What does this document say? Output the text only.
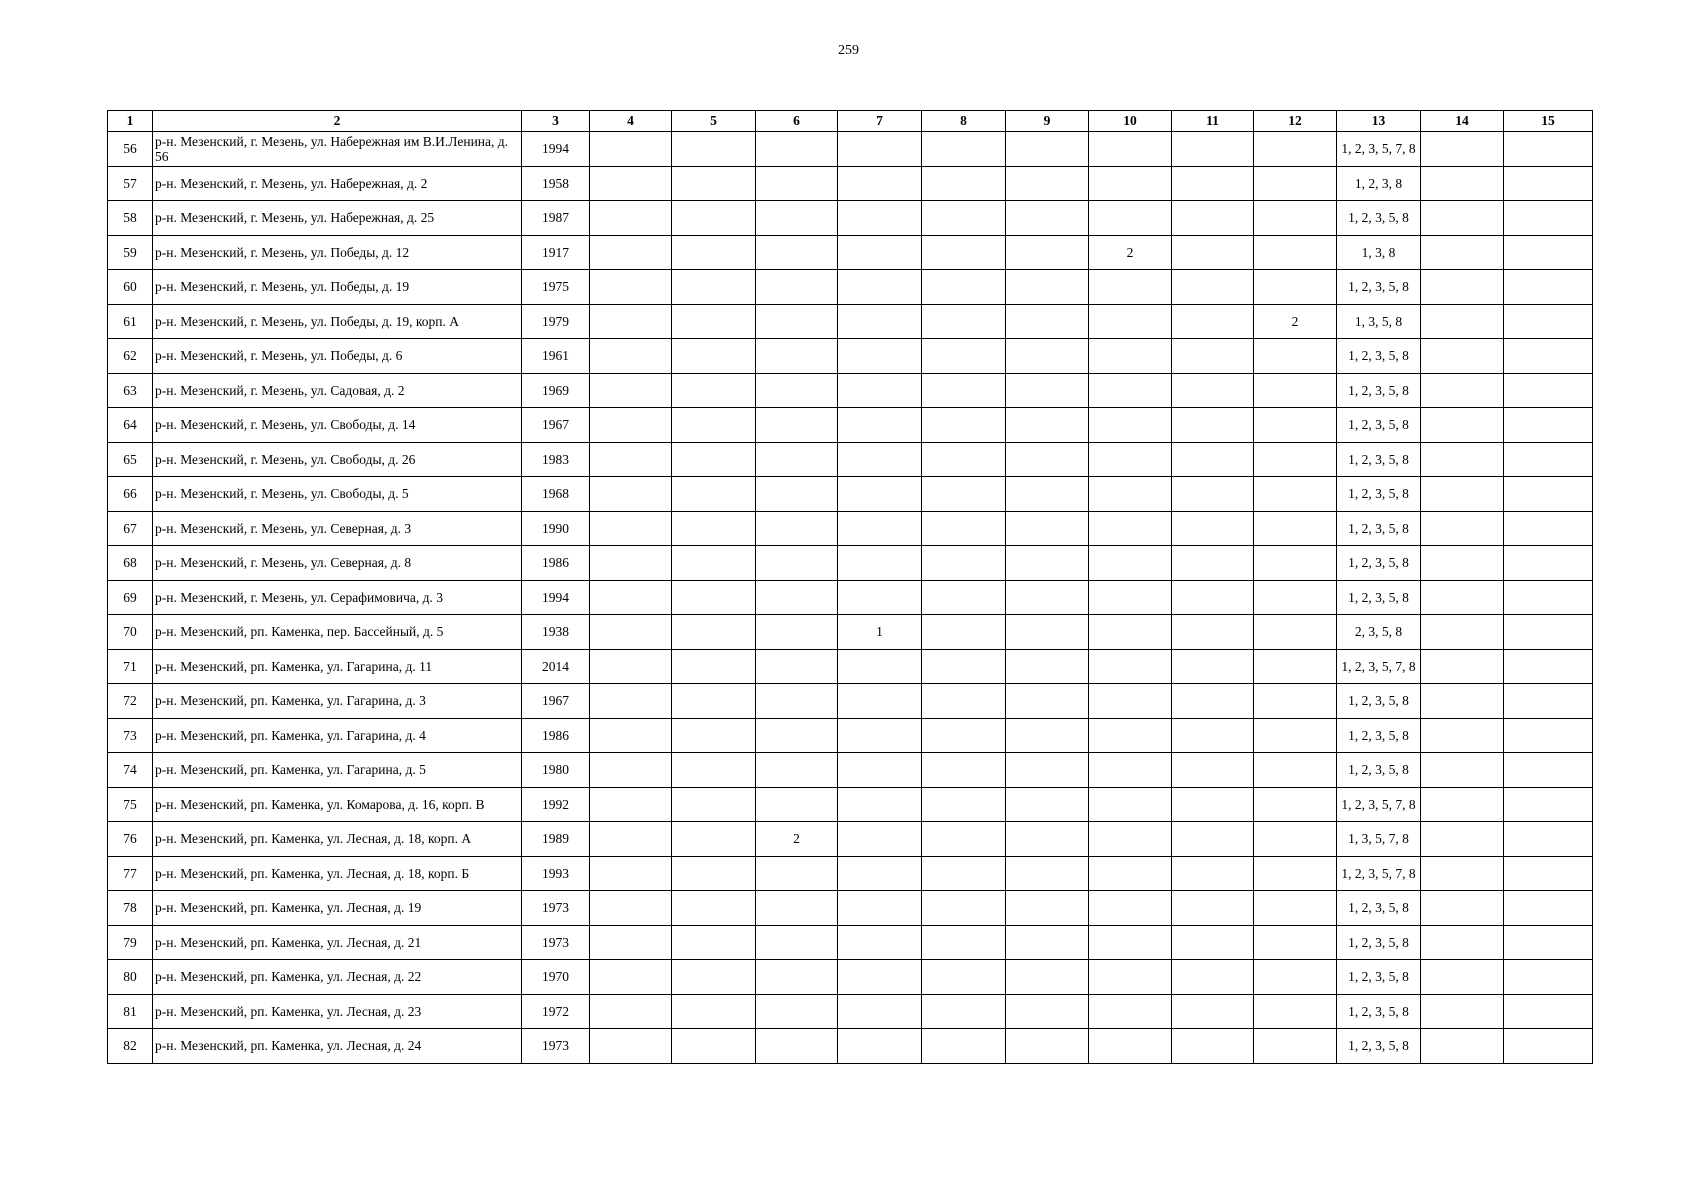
259
1	2	3	4	5	6	7	8	9	10	11	12	13	14	15
56	р-н. Мезенский, г. Мезень, ул. Набережная им В.И.Ленина, д. 56	1994										1, 2, 3, 5, 7, 8		
57	р-н. Мезенский, г. Мезень, ул. Набережная, д. 2	1958										1, 2, 3, 8		
58	р-н. Мезенский, г. Мезень, ул. Набережная, д. 25	1987										1, 2, 3, 5, 8		
59	р-н. Мезенский, г. Мезень, ул. Победы, д. 12	1917							2			1, 3, 8		
60	р-н. Мезенский, г. Мезень, ул. Победы, д. 19	1975										1, 2, 3, 5, 8		
61	р-н. Мезенский, г. Мезень, ул. Победы, д. 19, корп. А	1979									2	1, 3, 5, 8		
62	р-н. Мезенский, г. Мезень, ул. Победы, д. 6	1961										1, 2, 3, 5, 8		
63	р-н. Мезенский, г. Мезень, ул. Садовая, д. 2	1969										1, 2, 3, 5, 8		
64	р-н. Мезенский, г. Мезень, ул. Свободы, д. 14	1967										1, 2, 3, 5, 8		
65	р-н. Мезенский, г. Мезень, ул. Свободы, д. 26	1983										1, 2, 3, 5, 8		
66	р-н. Мезенский, г. Мезень, ул. Свободы, д. 5	1968										1, 2, 3, 5, 8		
67	р-н. Мезенский, г. Мезень, ул. Северная, д. 3	1990										1, 2, 3, 5, 8		
68	р-н. Мезенский, г. Мезень, ул. Северная, д. 8	1986										1, 2, 3, 5, 8		
69	р-н. Мезенский, г. Мезень, ул. Серафимовича, д. 3	1994										1, 2, 3, 5, 8		
70	р-н. Мезенский, рп. Каменка, пер. Бассейный, д. 5	1938				1						2, 3, 5, 8		
71	р-н. Мезенский, рп. Каменка, ул. Гагарина, д. 11	2014										1, 2, 3, 5, 7, 8		
72	р-н. Мезенский, рп. Каменка, ул. Гагарина, д. 3	1967										1, 2, 3, 5, 8		
73	р-н. Мезенский, рп. Каменка, ул. Гагарина, д. 4	1986										1, 2, 3, 5, 8		
74	р-н. Мезенский, рп. Каменка, ул. Гагарина, д. 5	1980										1, 2, 3, 5, 8		
75	р-н. Мезенский, рп. Каменка, ул. Комарова, д. 16, корп. В	1992										1, 2, 3, 5, 7, 8		
76	р-н. Мезенский, рп. Каменка, ул. Лесная, д. 18, корп. А	1989			2							1, 3, 5, 7, 8		
77	р-н. Мезенский, рп. Каменка, ул. Лесная, д. 18, корп. Б	1993										1, 2, 3, 5, 7, 8		
78	р-н. Мезенский, рп. Каменка, ул. Лесная, д. 19	1973										1, 2, 3, 5, 8		
79	р-н. Мезенский, рп. Каменка, ул. Лесная, д. 21	1973										1, 2, 3, 5, 8		
80	р-н. Мезенский, рп. Каменка, ул. Лесная, д. 22	1970										1, 2, 3, 5, 8		
81	р-н. Мезенский, рп. Каменка, ул. Лесная, д. 23	1972										1, 2, 3, 5, 8		
82	р-н. Мезенский, рп. Каменка, ул. Лесная, д. 24	1973										1, 2, 3, 5, 8		
